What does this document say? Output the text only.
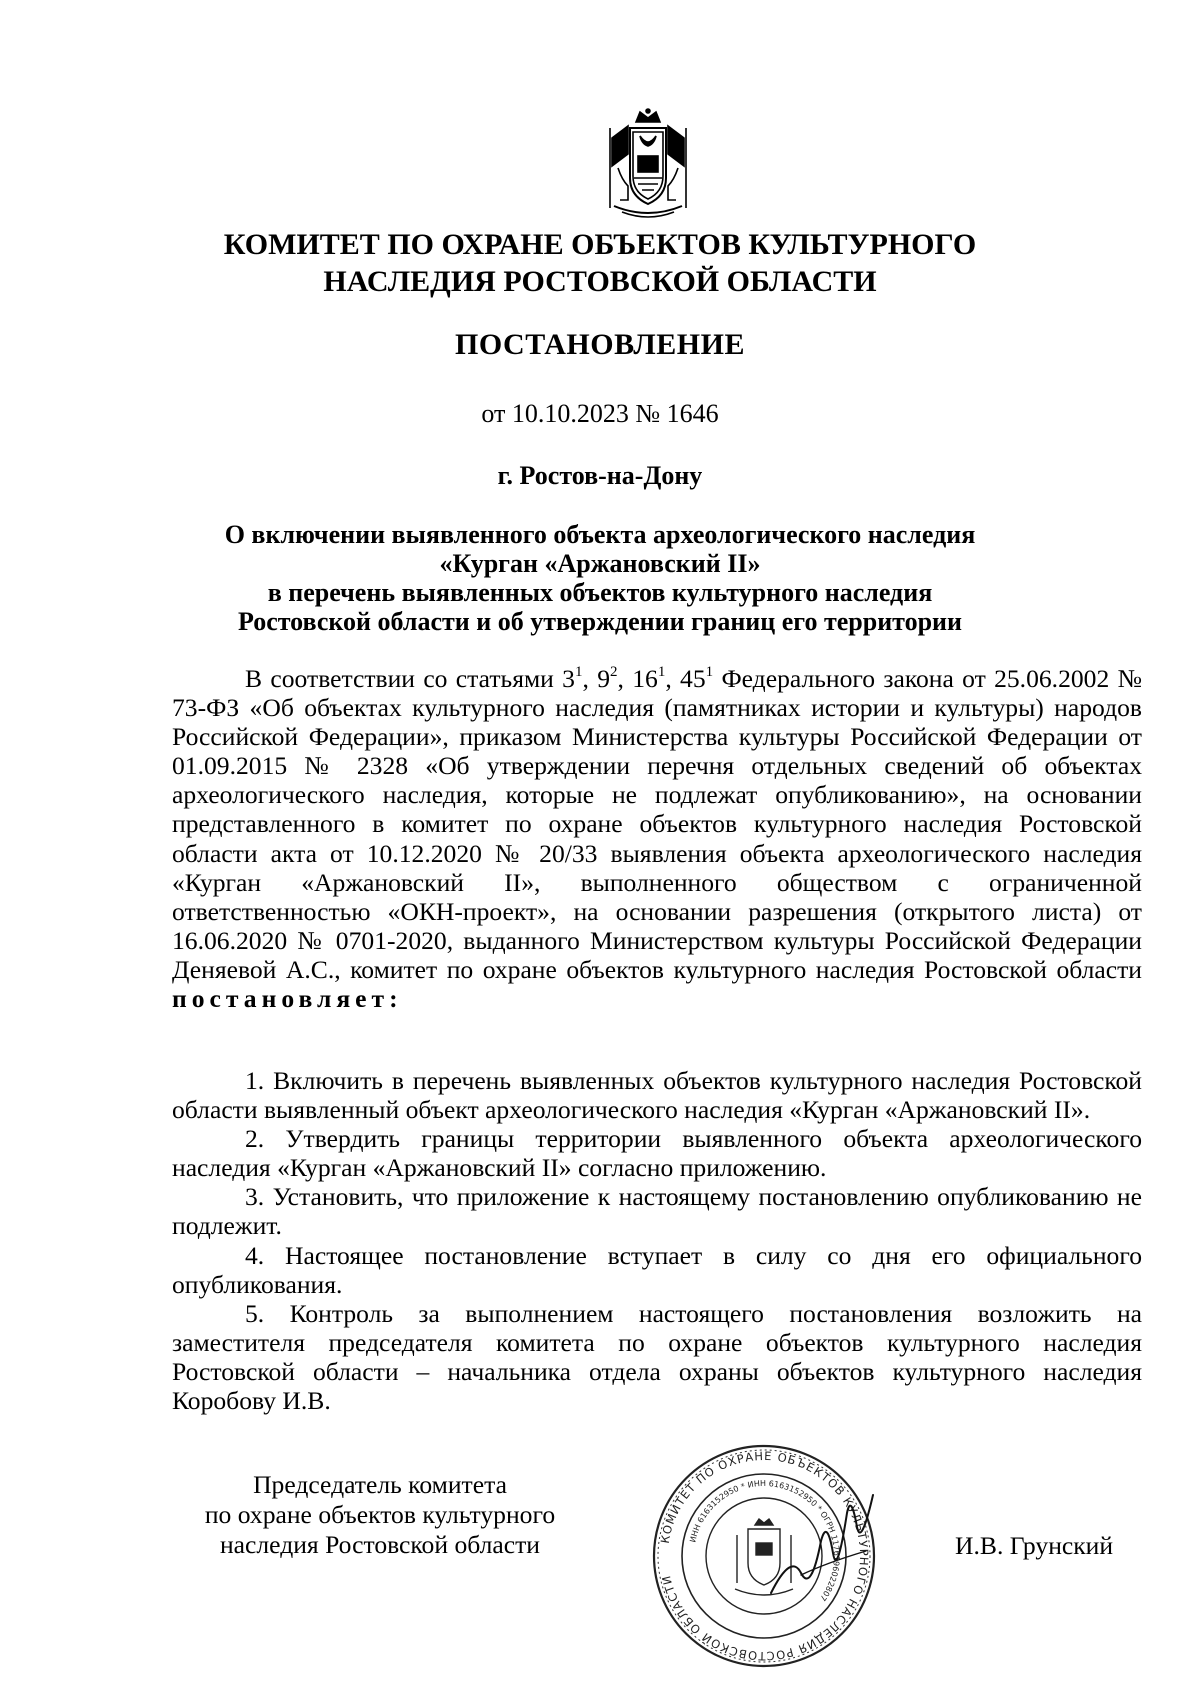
КОМИТЕТ ПО ОХРАНЕ ОБЪЕКТОВ КУЛЬТУРНОГО
НАСЛЕДИЯ РОСТОВСКОЙ ОБЛАСТИ
ПОСТАНОВЛЕНИЕ
от 10.10.2023 № 1646
г. Ростов-на-Дону
О включении выявленного объекта археологического наследия
«Курган «Аржановский II»
в перечень выявленных объектов культурного наследия
Ростовской области и об утверждении границ его территории

В соответствии со статьями $3^1$, $9^2$, $16^1$, $45^1$ Федерального закона от 25.06.2002 № 73-ФЗ «Об объектах культурного наследия (памятниках истории и культуры) народов Российской Федерации», приказом Министерства культуры Российской Федерации от 01.09.2015 № 2328 «Об утверждении перечня отдельных сведений об объектах археологического наследия, которые не подлежат опубликованию», на основании представленного в комитет по охране объектов культурного наследия Ростовской области акта от 10.12.2020 № 20/33 выявления объекта археологического наследия «Курган «Аржановский II», выполненного обществом с ограниченной ответственностью «ОКН-проект», на основании разрешения (открытого листа) от 16.06.2020 № 0701-2020, выданного Министерством культуры Российской Федерации Деняевой А.С., комитет по охране объектов культурного наследия Ростовской области постановляет:

1. Включить в перечень выявленных объектов культурного наследия Ростовской области выявленный объект археологического наследия «Курган «Аржановский II».

2. Утвердить границы территории выявленного объекта археологического наследия «Курган «Аржановский II» согласно приложению.

3. Установить, что приложение к настоящему постановлению опубликованию не подлежит.

4. Настоящее постановление вступает в силу со дня его официального опубликования.

5. Контроль за выполнением настоящего постановления возложить на заместителя председателя комитета по охране объектов культурного наследия Ростовской области – начальника отдела охраны объектов культурного наследия Коробову И.В.

Председатель комитета
по охране объектов культурного
наследия Ростовской области	КОМИТЕТ ПО ОХРАНЕ ОБЪЕКТОВ КУЛЬТУРНОГО НАСЛЕДИЯ РОСТОВСКОЙ ОБЛАСТИ
ИНН 6163152950 * ИНН 6163152950 * ОГРН 1176196022807
И.В. Грунский
